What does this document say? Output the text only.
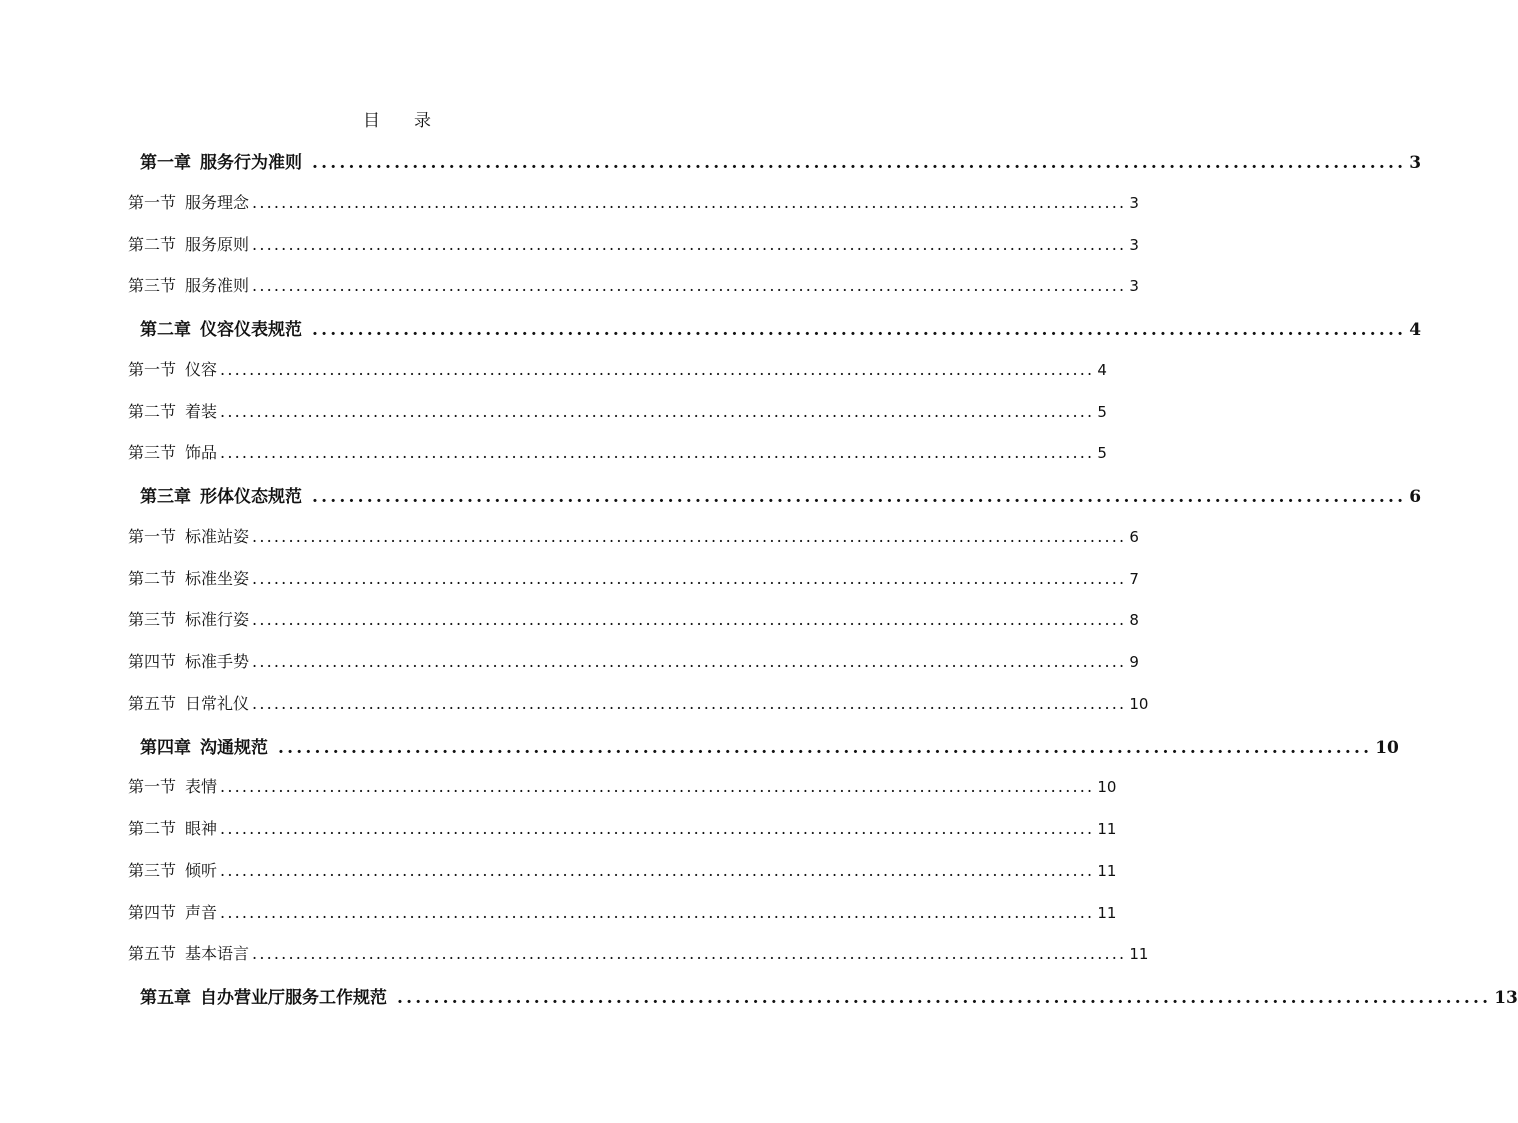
目 录
第一章 服务行为准则 ........................................................................................................................ 3
第一节 服务理念 ........................................................................................................................ 3
第二节 服务原则 ........................................................................................................................ 3
第三节 服务准则 ........................................................................................................................ 3
第二章 仪容仪表规范 ........................................................................................................................ 4
第一节 仪容 ........................................................................................................................ 4
第二节 着装 ........................................................................................................................ 5
第三节 饰品 ........................................................................................................................ 5
第三章 形体仪态规范 ........................................................................................................................ 6
第一节 标准站姿 ........................................................................................................................ 6
第二节 标准坐姿 ........................................................................................................................ 7
第三节 标准行姿 ........................................................................................................................ 8
第四节 标准手势 ........................................................................................................................ 9
第五节 日常礼仪 ........................................................................................................................ 10
第四章 沟通规范 ........................................................................................................................ 10
第一节 表情 ........................................................................................................................ 10
第二节 眼神 ........................................................................................................................ 11
第三节 倾听 ........................................................................................................................ 11
第四节 声音 ........................................................................................................................ 11
第五节 基本语言 ........................................................................................................................ 11
第五章 自办营业厅服务工作规范 ........................................................................................................................ 13
